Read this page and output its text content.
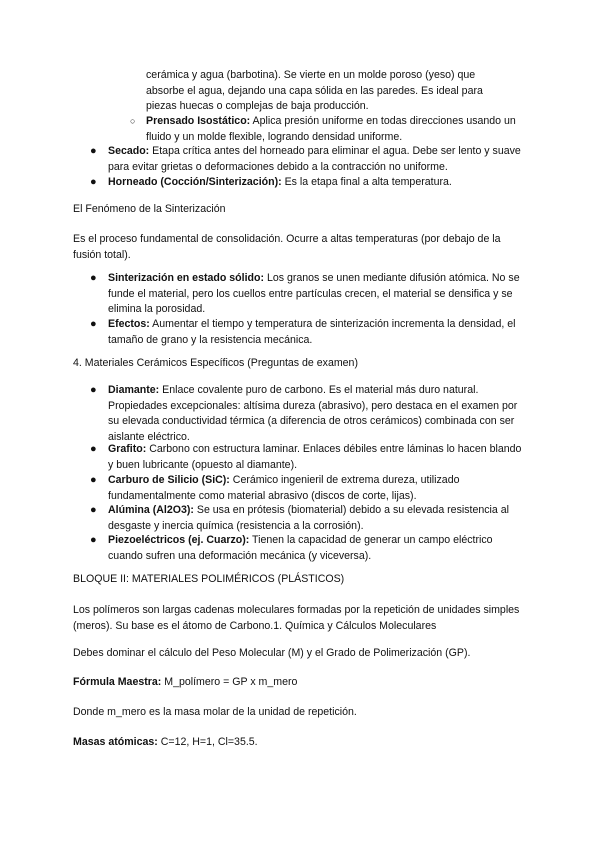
cerámica y agua (barbotina). Se vierte en un molde poroso (yeso) que
absorbe el agua, dejando una capa sólida en las paredes. Es ideal para
piezas huecas o complejas de baja producción.
○ Prensado Isostático: Aplica presión uniforme en todas direcciones usando un fluido y un molde flexible, logrando densidad uniforme.
● Secado: Etapa crítica antes del horneado para eliminar el agua. Debe ser lento y suave para evitar grietas o deformaciones debido a la contracción no uniforme.
● Horneado (Cocción/Sinterización): Es la etapa final a alta temperatura.
El Fenómeno de la Sinterización
Es el proceso fundamental de consolidación. Ocurre a altas temperaturas (por debajo de la fusión total).
● Sinterización en estado sólido: Los granos se unen mediante difusión atómica. No se funde el material, pero los cuellos entre partículas crecen, el material se densifica y se elimina la porosidad.
● Efectos: Aumentar el tiempo y temperatura de sinterización incrementa la densidad, el tamaño de grano y la resistencia mecánica.
4. Materiales Cerámicos Específicos (Preguntas de examen)
● Diamante: Enlace covalente puro de carbono. Es el material más duro natural. Propiedades excepcionales: altísima dureza (abrasivo), pero destaca en el examen por su elevada conductividad térmica (a diferencia de otros cerámicos) combinada con ser aislante eléctrico.
● Grafito: Carbono con estructura laminar. Enlaces débiles entre láminas lo hacen blando y buen lubricante (opuesto al diamante).
● Carburo de Silicio (SiC): Cerámico ingenieril de extrema dureza, utilizado fundamentalmente como material abrasivo (discos de corte, lijas).
● Alúmina (Al2O3): Se usa en prótesis (biomaterial) debido a su elevada resistencia al desgaste y inercia química (resistencia a la corrosión).
● Piezoeléctricos (ej. Cuarzo): Tienen la capacidad de generar un campo eléctrico cuando sufren una deformación mecánica (y viceversa).
BLOQUE II: MATERIALES POLIMÉRICOS (PLÁSTICOS)
Los polímeros son largas cadenas moleculares formadas por la repetición de unidades simples (meros). Su base es el átomo de Carbono.1. Química y Cálculos Moleculares
Debes dominar el cálculo del Peso Molecular (M) y el Grado de Polimerización (GP).
Fórmula Maestra: M_polímero = GP x m_mero
Donde m_mero es la masa molar de la unidad de repetición.
Masas atómicas: C=12, H=1, Cl=35.5.
